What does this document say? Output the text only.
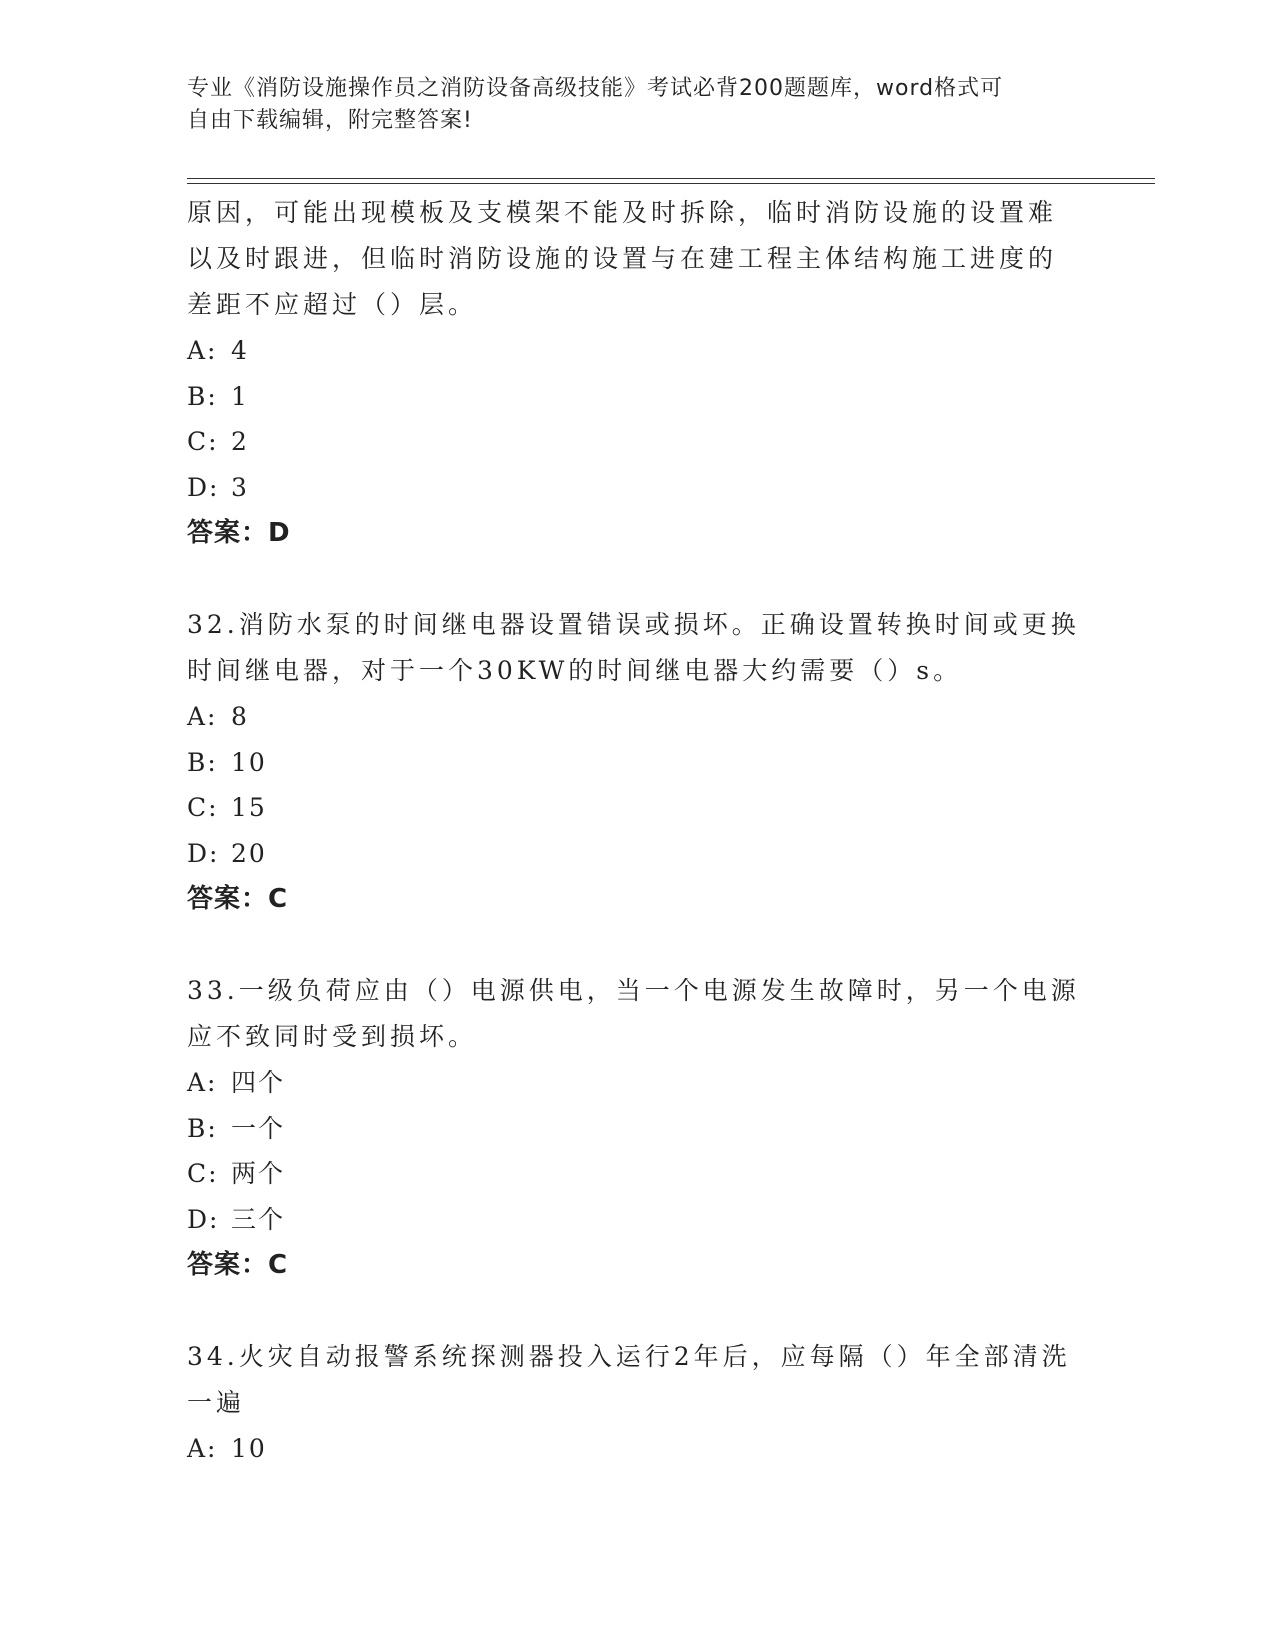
专业《消防设施操作员之消防设备高级技能》考试必背200题题库，word格式可
自由下载编辑，附完整答案!
原因，可能出现模板及支模架不能及时拆除，临时消防设施的设置难
以及时跟进，但临时消防设施的设置与在建工程主体结构施工进度的
差距不应超过（）层。
A: 4
B: 1
C: 2
D: 3
答案：D
32.消防水泵的时间继电器设置错误或损坏。正确设置转换时间或更换
时间继电器，对于一个30KW的时间继电器大约需要（）s。
A: 8
B: 10
C: 15
D: 20
答案：C
33.一级负荷应由（）电源供电，当一个电源发生故障时，另一个电源
应不致同时受到损坏。
A: 四个
B: 一个
C: 两个
D: 三个
答案：C
34.火灾自动报警系统探测器投入运行2年后，应每隔（）年全部清洗
一遍
A: 10
